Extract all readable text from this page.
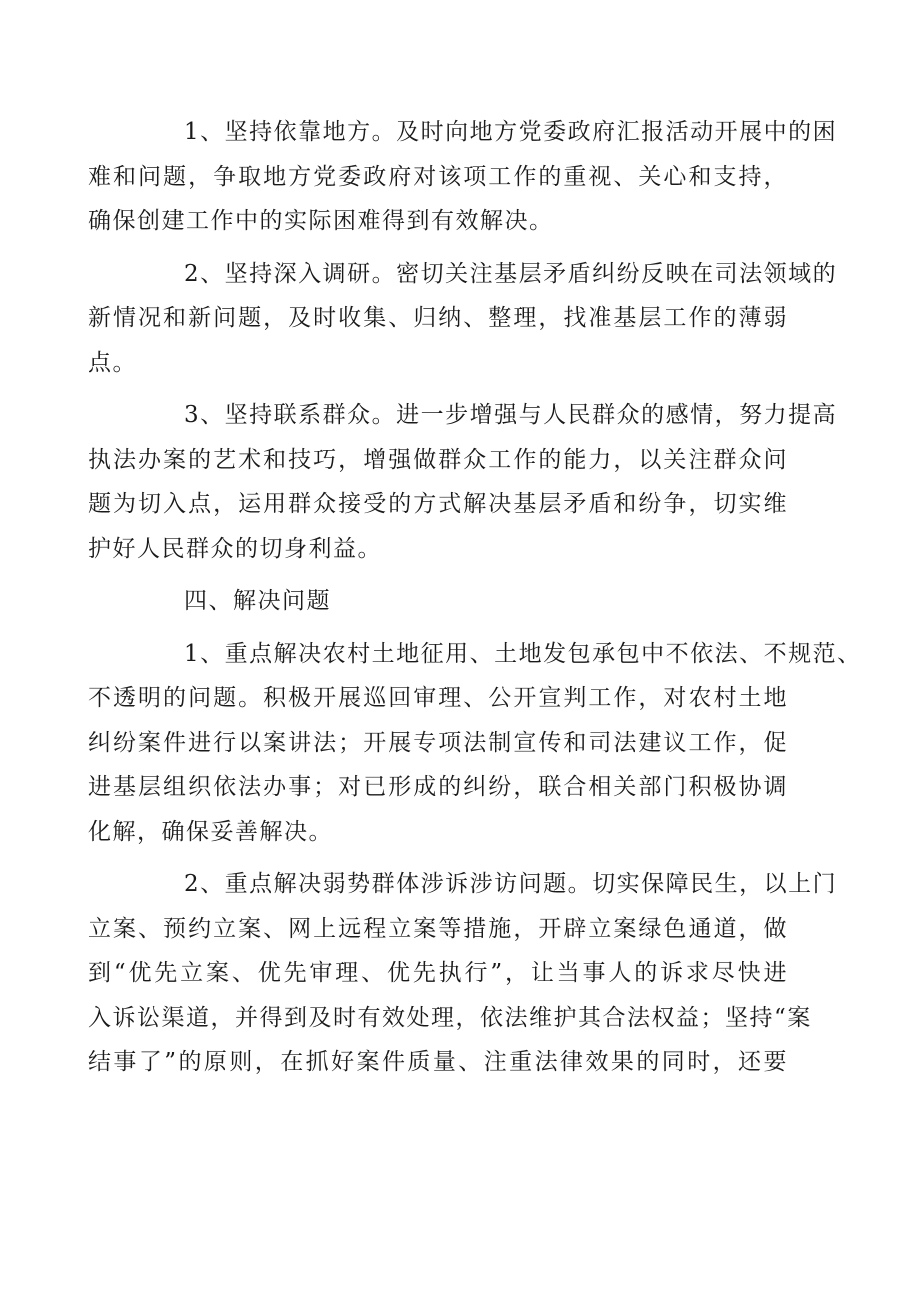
1、坚持依靠地方。及时向地方党委政府汇报活动开展中的困
难和问题，争取地方党委政府对该项工作的重视、关心和支持，
确保创建工作中的实际困难得到有效解决。

2、坚持深入调研。密切关注基层矛盾纠纷反映在司法领域的
新情况和新问题，及时收集、归纳、整理，找准基层工作的薄弱
点。

3、坚持联系群众。进一步增强与人民群众的感情，努力提高
执法办案的艺术和技巧，增强做群众工作的能力，以关注群众问
题为切入点，运用群众接受的方式解决基层矛盾和纷争，切实维
护好人民群众的切身利益。

四、解决问题

1、重点解决农村土地征用、土地发包承包中不依法、不规范、
不透明的问题。积极开展巡回审理、公开宣判工作，对农村土地
纠纷案件进行以案讲法；开展专项法制宣传和司法建议工作，促
进基层组织依法办事；对已形成的纠纷，联合相关部门积极协调
化解，确保妥善解决。

2、重点解决弱势群体涉诉涉访问题。切实保障民生，以上门
立案、预约立案、网上远程立案等措施，开辟立案绿色通道，做
到“优先立案、优先审理、优先执行”，让当事人的诉求尽快进
入诉讼渠道，并得到及时有效处理，依法维护其合法权益；坚持“案
结事了”的原则，在抓好案件质量、注重法律效果的同时，还要
